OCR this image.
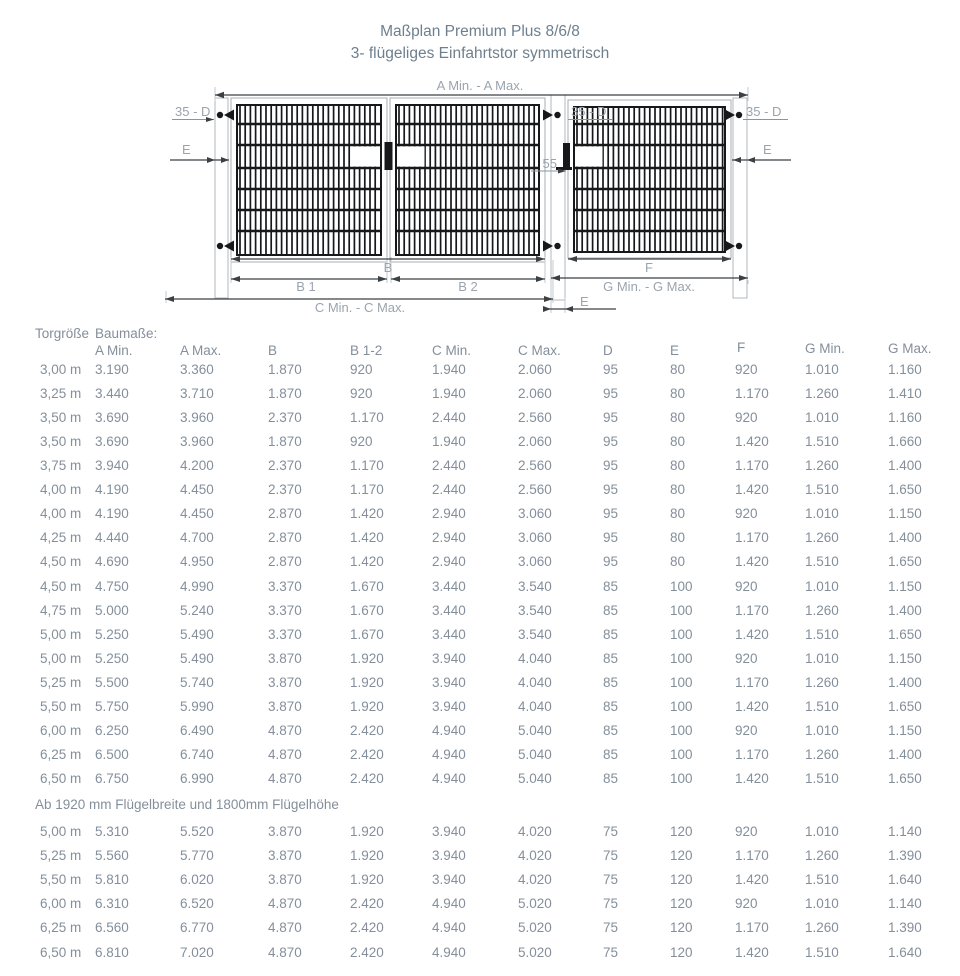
Maßplan Premium Plus 8/6/8
3- flügeliges Einfahrtstor symmetrisch
A Min. - A Max.
35 - D	35 - D	35 - D
E	E
55
B
B 1	B 2
F
G Min. - G Max.
C Min. - C Max.	E
Torgröße Baumaße:
A Min.	A Max.	B	B 1-2	C Min.	C Max.	D	E	F	G Min.	G Max.
3,00 m 3.190	3.360	1.870	920	1.940	2.060	95	80	920	1.010	1.160
3,25 m 3.440	3.710	1.870	920	1.940	2.060	95	80	1.170	1.260	1.410
3,50 m 3.690	3.960	2.370	1.170	2.440	2.560	95	80	920	1.010	1.160
3,50 m 3.690	3.960	1.870	920	1.940	2.060	95	80	1.420	1.510	1.660
3,75 m 3.940	4.200	2.370	1.170	2.440	2.560	95	80	1.170	1.260	1.400
4,00 m 4.190	4.450	2.370	1.170	2.440	2.560	95	80	1.420	1.510	1.650
4,00 m 4.190	4.450	2.870	1.420	2.940	3.060	95	80	920	1.010	1.150
4,25 m 4.440	4.700	2.870	1.420	2.940	3.060	95	80	1.170	1.260	1.400
4,50 m 4.690	4.950	2.870	1.420	2.940	3.060	95	80	1.420	1.510	1.650
4,50 m 4.750	4.990	3.370	1.670	3.440	3.540	85	100	920	1.010	1.150
4,75 m 5.000	5.240	3.370	1.670	3.440	3.540	85	100	1.170	1.260	1.400
5,00 m 5.250	5.490	3.370	1.670	3.440	3.540	85	100	1.420	1.510	1.650
5,00 m 5.250	5.490	3.870	1.920	3.940	4.040	85	100	920	1.010	1.150
5,25 m 5.500	5.740	3.870	1.920	3.940	4.040	85	100	1.170	1.260	1.400
5,50 m 5.750	5.990	3.870	1.920	3.940	4.040	85	100	1.420	1.510	1.650
6,00 m 6.250	6.490	4.870	2.420	4.940	5.040	85	100	920	1.010	1.150
6,25 m 6.500	6.740	4.870	2.420	4.940	5.040	85	100	1.170	1.260	1.400
6,50 m 6.750	6.990	4.870	2.420	4.940	5.040	85	100	1.420	1.510	1.650
5,00 m 5.310	5.520	3.870	1.920	3.940	4.020	75	120	920	1.010	1.140
5,25 m 5.560	5.770	3.870	1.920	3.940	4.020	75	120	1.170	1.260	1.390
5,50 m 5.810	6.020	3.870	1.920	3.940	4.020	75	120	1.420	1.510	1.640
6,00 m 6.310	6.520	4.870	2.420	4.940	5.020	75	120	920	1.010	1.140
6,25 m 6.560	6.770	4.870	2.420	4.940	5.020	75	120	1.170	1.260	1.390
6,50 m 6.810	7.020	4.870	2.420	4.940	5.020	75	120	1.420	1.510	1.640
Ab 1920 mm Flügelbreite und 1800mm Flügelhöhe
